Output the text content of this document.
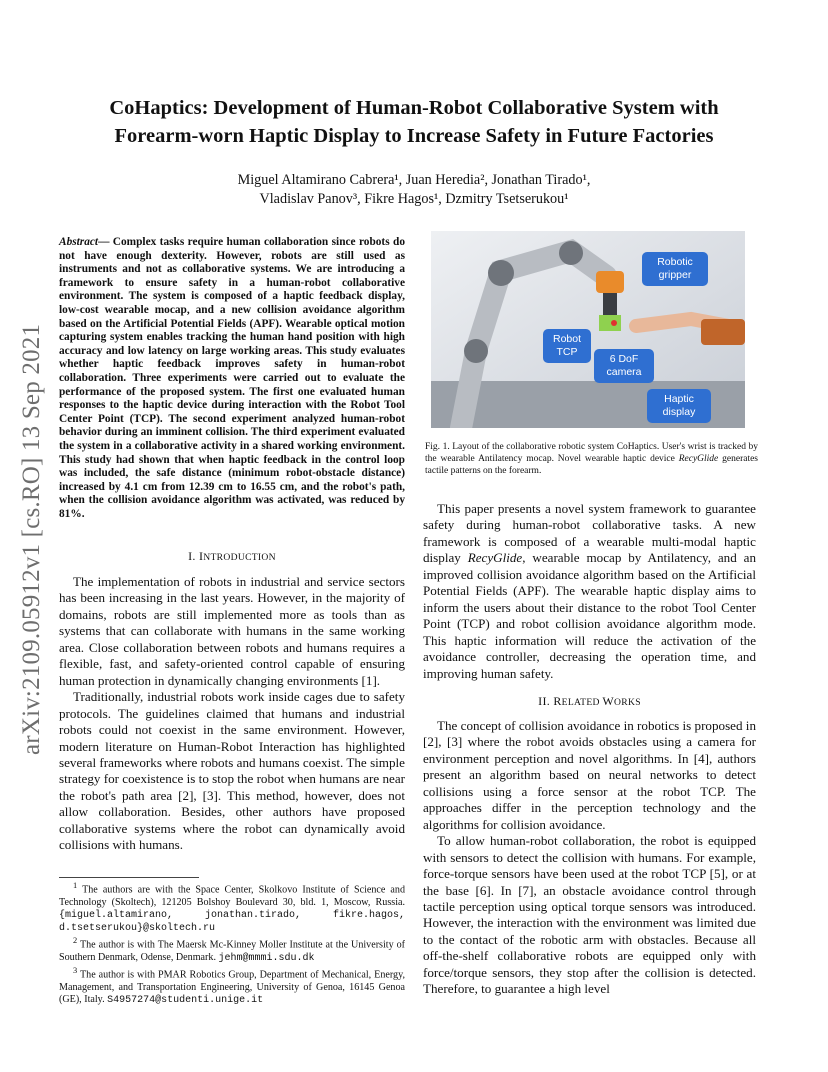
CoHaptics: Development of Human-Robot Collaborative System with
Forearm-worn Haptic Display to Increase Safety in Future Factories
Miguel Altamirano Cabrera¹, Juan Heredia², Jonathan Tirado¹,
Vladislav Panov³, Fikre Hagos¹, Dzmitry Tsetserukou¹
arXiv:2109.05912v1 [cs.RO] 13 Sep 2021
Abstract— Complex tasks require human collaboration since robots do not have enough dexterity. However, robots are still used as instruments and not as collaborative systems. We are introducing a framework to ensure safety in a human-robot collaborative environment. The system is composed of a haptic feedback display, low-cost wearable mocap, and a new collision avoidance algorithm based on the Artificial Potential Fields (APF). Wearable optical motion capturing system enables tracking the human hand position with high accuracy and low latency on large working areas. This study evaluates whether haptic feedback improves safety in human-robot collaboration. Three experiments were carried out to evaluate the performance of the proposed system. The first one evaluated human responses to the haptic device during interaction with the Robot Tool Center Point (TCP). The second experiment analyzed human-robot behavior during an imminent collision. The third experiment evaluated the system in a collaborative activity in a shared working environment. This study had shown that when haptic feedback in the control loop was included, the safe distance (minimum robot-obstacle distance) increased by 4.1 cm from 12.39 cm to 16.55 cm, and the robot's path, when the collision avoidance algorithm was activated, was reduced by 81%.
I. INTRODUCTION

The implementation of robots in industrial and service sectors has been increasing in the last years. However, in the majority of domains, robots are still implemented more as tools than as systems that can collaborate with humans in the same working area. Close collaboration between robots and humans requires a flexible, fast, and safety-oriented control capable of ensuring human protection in dynamically changing environments [1].

Traditionally, industrial robots work inside cages due to safety protocols. The guidelines claimed that humans and industrial robots could not coexist in the same environment. However, modern literature on Human-Robot Interaction has highlighted several frameworks where robots and humans coexist. The simple strategy for coexistence is to stop the robot when humans are near the robot's path area [2], [3]. This method, however, does not allow collaboration. Besides, other authors have proposed collaborative systems where the robot can dynamically avoid collisions with humans.

$^1$ The authors are with the Space Center, Skolkovo Institute of Science and Technology (Skoltech), 121205 Bolshoy Boulevard 30, bld. 1, Moscow, Russia. {miguel.altamirano, jonathan.tirado, fikre.hagos, d.tsetserukou}@skoltech.ru

$^2$ The author is with The Maersk Mc-Kinney Moller Institute at the University of Southern Denmark, Odense, Denmark. jehm@mmmi.sdu.dk

$^3$ The author is with PMAR Robotics Group, Department of Mechanical, Energy, Management, and Transportation Engineering, University of Genoa, 16145 Genoa (GE), Italy. S4957274@studenti.unige.it

Robotic gripper
Robot TCP
6 DoF camera
Haptic display
Fig. 1. Layout of the collaborative robotic system CoHaptics. User's wrist is tracked by the wearable Antilatency mocap. Novel wearable haptic device RecyGlide generates tactile patterns on the forearm.

This paper presents a novel system framework to guarantee safety during human-robot collaborative tasks. A new framework is composed of a wearable multi-modal haptic display RecyGlide, wearable mocap by Antilatency, and an improved collision avoidance algorithm based on the Artificial Potential Fields (APF). The wearable haptic display aims to inform the users about their distance to the robot Tool Center Point (TCP) and robot collision avoidance algorithm mode. This haptic information will reduce the activation of the avoidance controller, decreasing the operation time, and improving human safety.

II. RELATED WORKS

The concept of collision avoidance in robotics is proposed in [2], [3] where the robot avoids obstacles using a camera for environment perception and novel algorithms. In [4], authors present an algorithm based on neural networks to detect collisions using a force sensor at the robot TCP. The approaches differ in the perception technology and the algorithms for collision avoidance.

To allow human-robot collaboration, the robot is equipped with sensors to detect the collision with humans. For example, force-torque sensors have been used at the robot TCP [5], or at the base [6]. In [7], an obstacle avoidance control through tactile perception using optical torque sensors was introduced. However, the interaction with the environment was limited due to the contact of the robotic arm with obstacles. Because all off-the-shelf collaborative robots are equipped only with force/torque sensors, they stop after the collision is detected. Therefore, to guarantee a high level
